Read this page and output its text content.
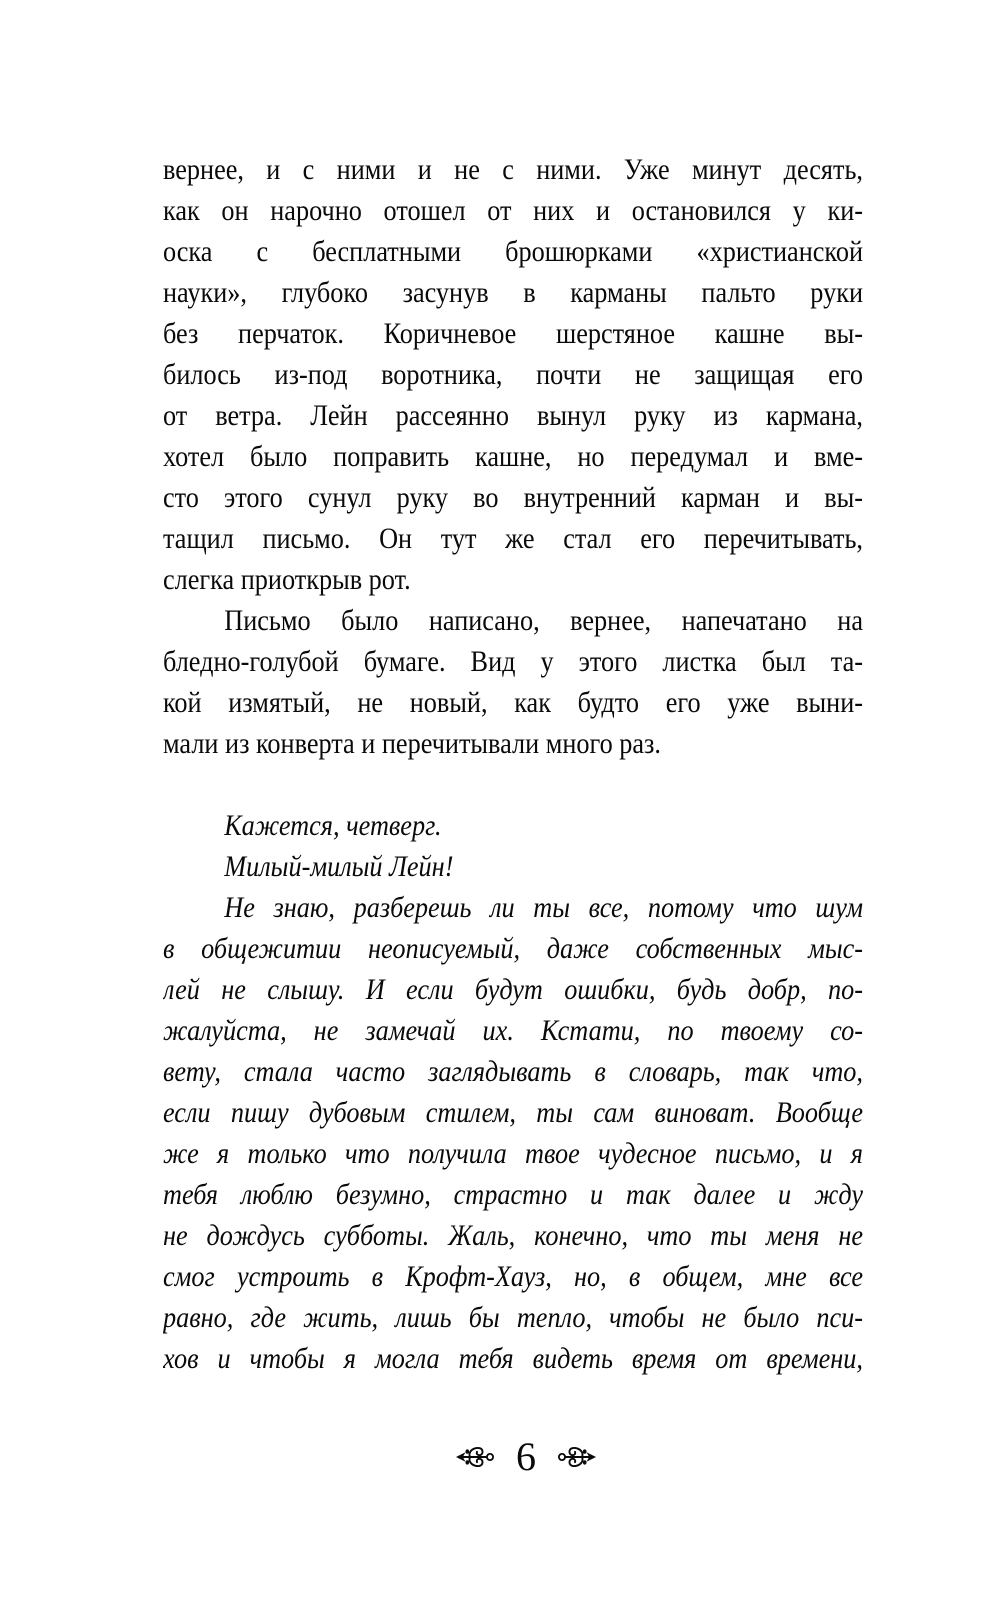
вернее, и с ними и не с ними. Уже минут десять,
как он нарочно отошел от них и остановился у ки-
оска с бесплатными брошюрками «христианской
науки», глубоко засунув в карманы пальто руки
без перчаток. Коричневое шерстяное кашне вы-
билось из-под воротника, почти не защищая его
от ветра. Лейн рассеянно вынул руку из кармана,
хотел было поправить кашне, но передумал и вме-
сто этого сунул руку во внутренний карман и вы-
тащил письмо. Он тут же стал его перечитывать,
слегка приоткрыв рот.
Письмо было написано, вернее, напечатано на
бледно-голубой бумаге. Вид у этого листка был та-
кой измятый, не новый, как будто его уже выни-
мали из конверта и перечитывали много раз.
Кажется, четверг.
Милый-милый Лейн!
Не знаю, разберешь ли ты все, потому что шум
в общежитии неописуемый, даже собственных мыс-
лей не слышу. И если будут ошибки, будь добр, по-
жалуйста, не замечай их. Кстати, по твоему со-
вету, стала часто заглядывать в словарь, так что,
если пишу дубовым стилем, ты сам виноват. Вообще
же я только что получила твое чудесное письмо, и я
тебя люблю безумно, страстно и так далее и жду
не дождусь субботы. Жаль, конечно, что ты меня не
смог устроить в Крофт-Хауз, но, в общем, мне все
равно, где жить, лишь бы тепло, чтобы не было пси-
хов и чтобы я могла тебя видеть время от времени,
6
